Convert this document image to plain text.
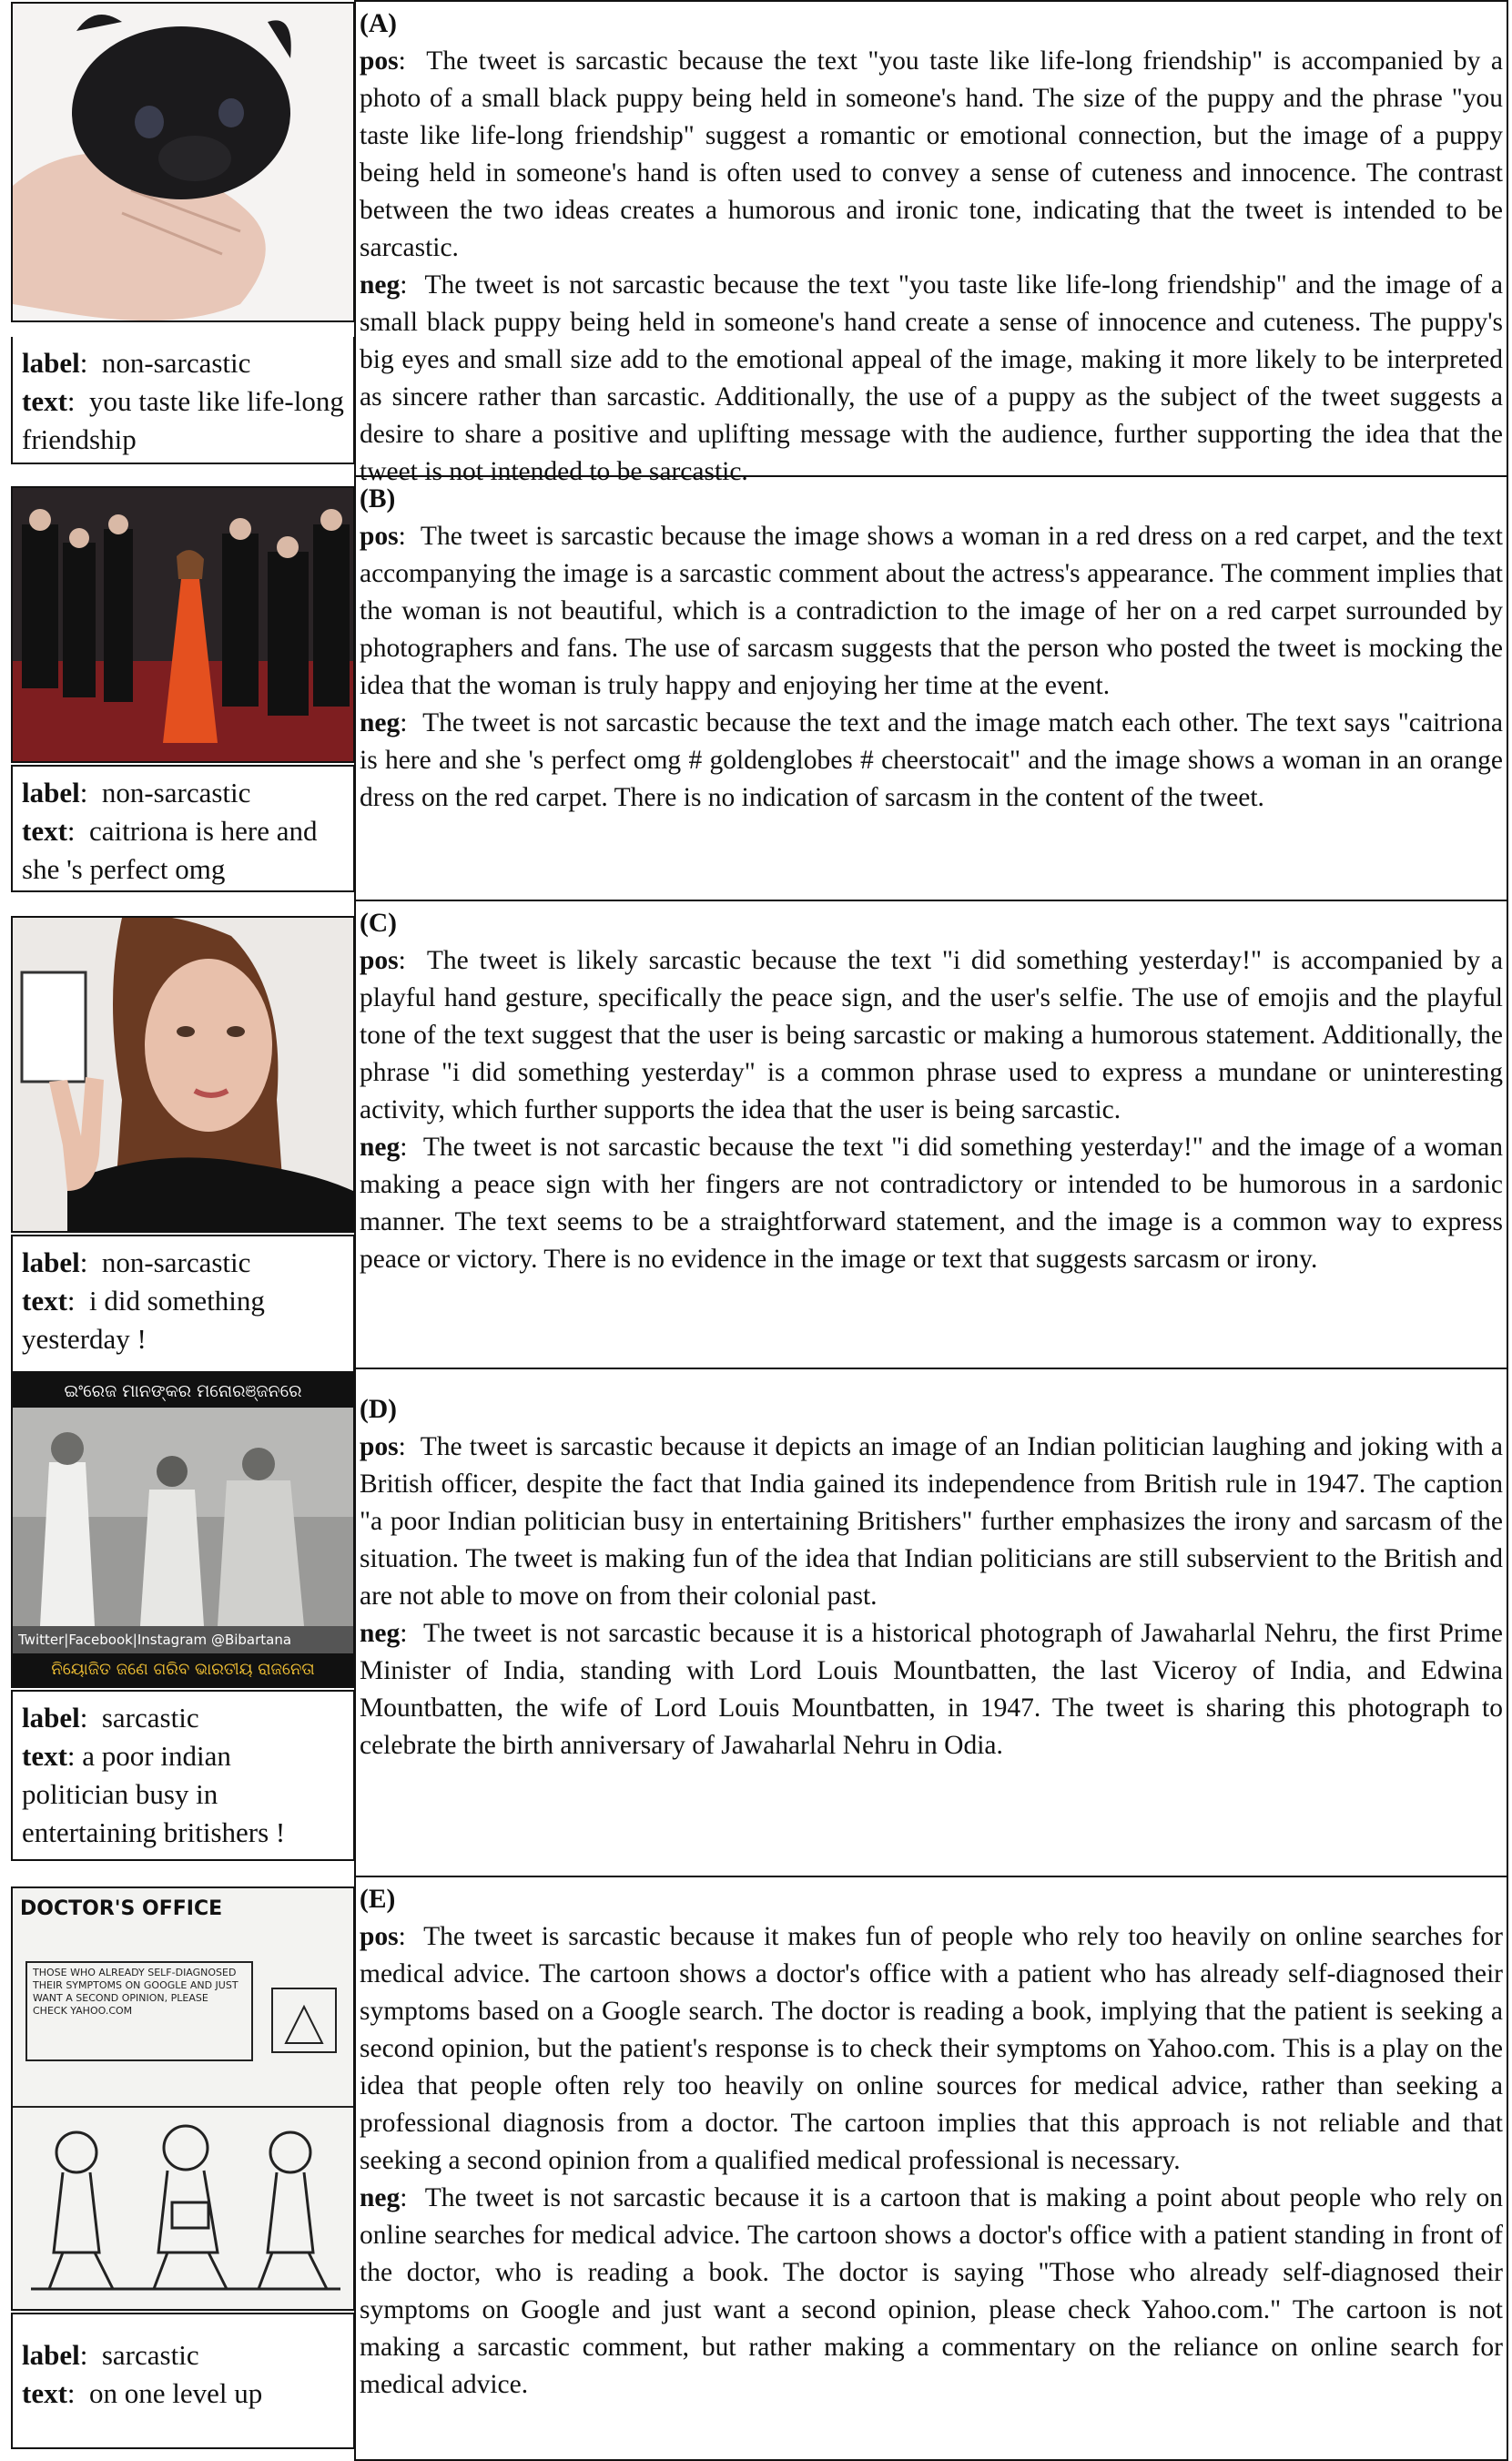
label:  non-sarcastic
text:  you taste like life-long friendship
label:  non-sarcastic
text:  caitriona is here and she 's perfect omg
label:  non-sarcastic
text:  i did something yesterday !
ଇଂରେଜ ମାନଙ୍କର ମନୋରଞ୍ଜନରେ
Twitter|Facebook|Instagram @Bibartana
ନିୟୋଜିତ ଜଣେ ଗରିବ ଭାରତୀୟ ରାଜନେତା
label:  sarcastic
text: a poor indian politician busy in entertaining britishers !
DOCTOR'S OFFICE
THOSE WHO ALREADY SELF-DIAGNOSED THEIR SYMPTOMS ON GOOGLE AND JUST WANT A SECOND OPINION, PLEASE CHECK YAHOO.COM
label:  sarcastic
text:  on one level up
(A)
pos:  The tweet is sarcastic because the text "you taste like life-long friendship" is accompanied by a photo of a small black puppy being held in someone's hand. The size of the puppy and the phrase "you taste like life-long friendship" suggest a romantic or emotional connection, but the image of a puppy being held in someone's hand is often used to convey a sense of cuteness and innocence. The contrast between the two ideas creates a humorous and ironic tone, indicating that the tweet is intended to be sarcastic.
neg:  The tweet is not sarcastic because the text "you taste like life-long friendship" and the image of a small black puppy being held in someone's hand create a sense of innocence and cuteness. The puppy's big eyes and small size add to the emotional appeal of the image, making it more likely to be interpreted as sincere rather than sarcastic. Additionally, the use of a puppy as the subject of the tweet suggests a desire to share a positive and uplifting message with the audience, further supporting the idea that the tweet is not intended to be sarcastic.
(B)
pos:  The tweet is sarcastic because the image shows a woman in a red dress on a red carpet, and the text accompanying the image is a sarcastic comment about the actress's appearance. The comment implies that the woman is not beautiful, which is a contradiction to the image of her on a red carpet surrounded by photographers and fans. The use of sarcasm suggests that the person who posted the tweet is mocking the idea that the woman is truly happy and enjoying her time at the event.
neg:  The tweet is not sarcastic because the text and the image match each other. The text says "caitriona is here and she 's perfect omg # goldenglobes # cheerstocait" and the image shows a woman in an orange dress on the red carpet. There is no indication of sarcasm in the content of the tweet.
(C)
pos:  The tweet is likely sarcastic because the text "i did something yesterday!" is accompanied by a playful hand gesture, specifically the peace sign, and the user's selfie. The use of emojis and the playful tone of the text suggest that the user is being sarcastic or making a humorous statement. Additionally, the phrase "i did something yesterday" is a common phrase used to express a mundane or uninteresting activity, which further supports the idea that the user is being sarcastic.
neg:  The tweet is not sarcastic because the text "i did something yesterday!" and the image of a woman making a peace sign with her fingers are not contradictory or intended to be humorous in a sardonic manner. The text seems to be a straightforward statement, and the image is a common way to express peace or victory. There is no evidence in the image or text that suggests sarcasm or irony.
(D)
pos:  The tweet is sarcastic because it depicts an image of an Indian politician laughing and joking with a British officer, despite the fact that India gained its independence from British rule in 1947. The caption "a poor Indian politician busy in entertaining Britishers" further emphasizes the irony and sarcasm of the situation. The tweet is making fun of the idea that Indian politicians are still subservient to the British and are not able to move on from their colonial past.
neg:  The tweet is not sarcastic because it is a historical photograph of Jawaharlal Nehru, the first Prime Minister of India, standing with Lord Louis Mountbatten, the last Viceroy of India, and Edwina Mountbatten, the wife of Lord Louis Mountbatten, in 1947. The tweet is sharing this photograph to celebrate the birth anniversary of Jawaharlal Nehru in Odia.
(E)
pos:  The tweet is sarcastic because it makes fun of people who rely too heavily on online searches for medical advice. The cartoon shows a doctor's office with a patient who has already self-diagnosed their symptoms based on a Google search. The doctor is reading a book, implying that the patient is seeking a second opinion, but the patient's response is to check their symptoms on Yahoo.com. This is a play on the idea that people often rely too heavily on online sources for medical advice, rather than seeking a professional diagnosis from a doctor. The cartoon implies that this approach is not reliable and that seeking a second opinion from a qualified medical professional is necessary.
neg:  The tweet is not sarcastic because it is a cartoon that is making a point about people who rely on online searches for medical advice. The cartoon shows a doctor's office with a patient standing in front of the doctor, who is reading a book. The doctor is saying "Those who already self-diagnosed their symptoms on Google and just want a second opinion, please check Yahoo.com." The cartoon is not making a sarcastic comment, but rather making a commentary on the reliance on online search for medical advice.
